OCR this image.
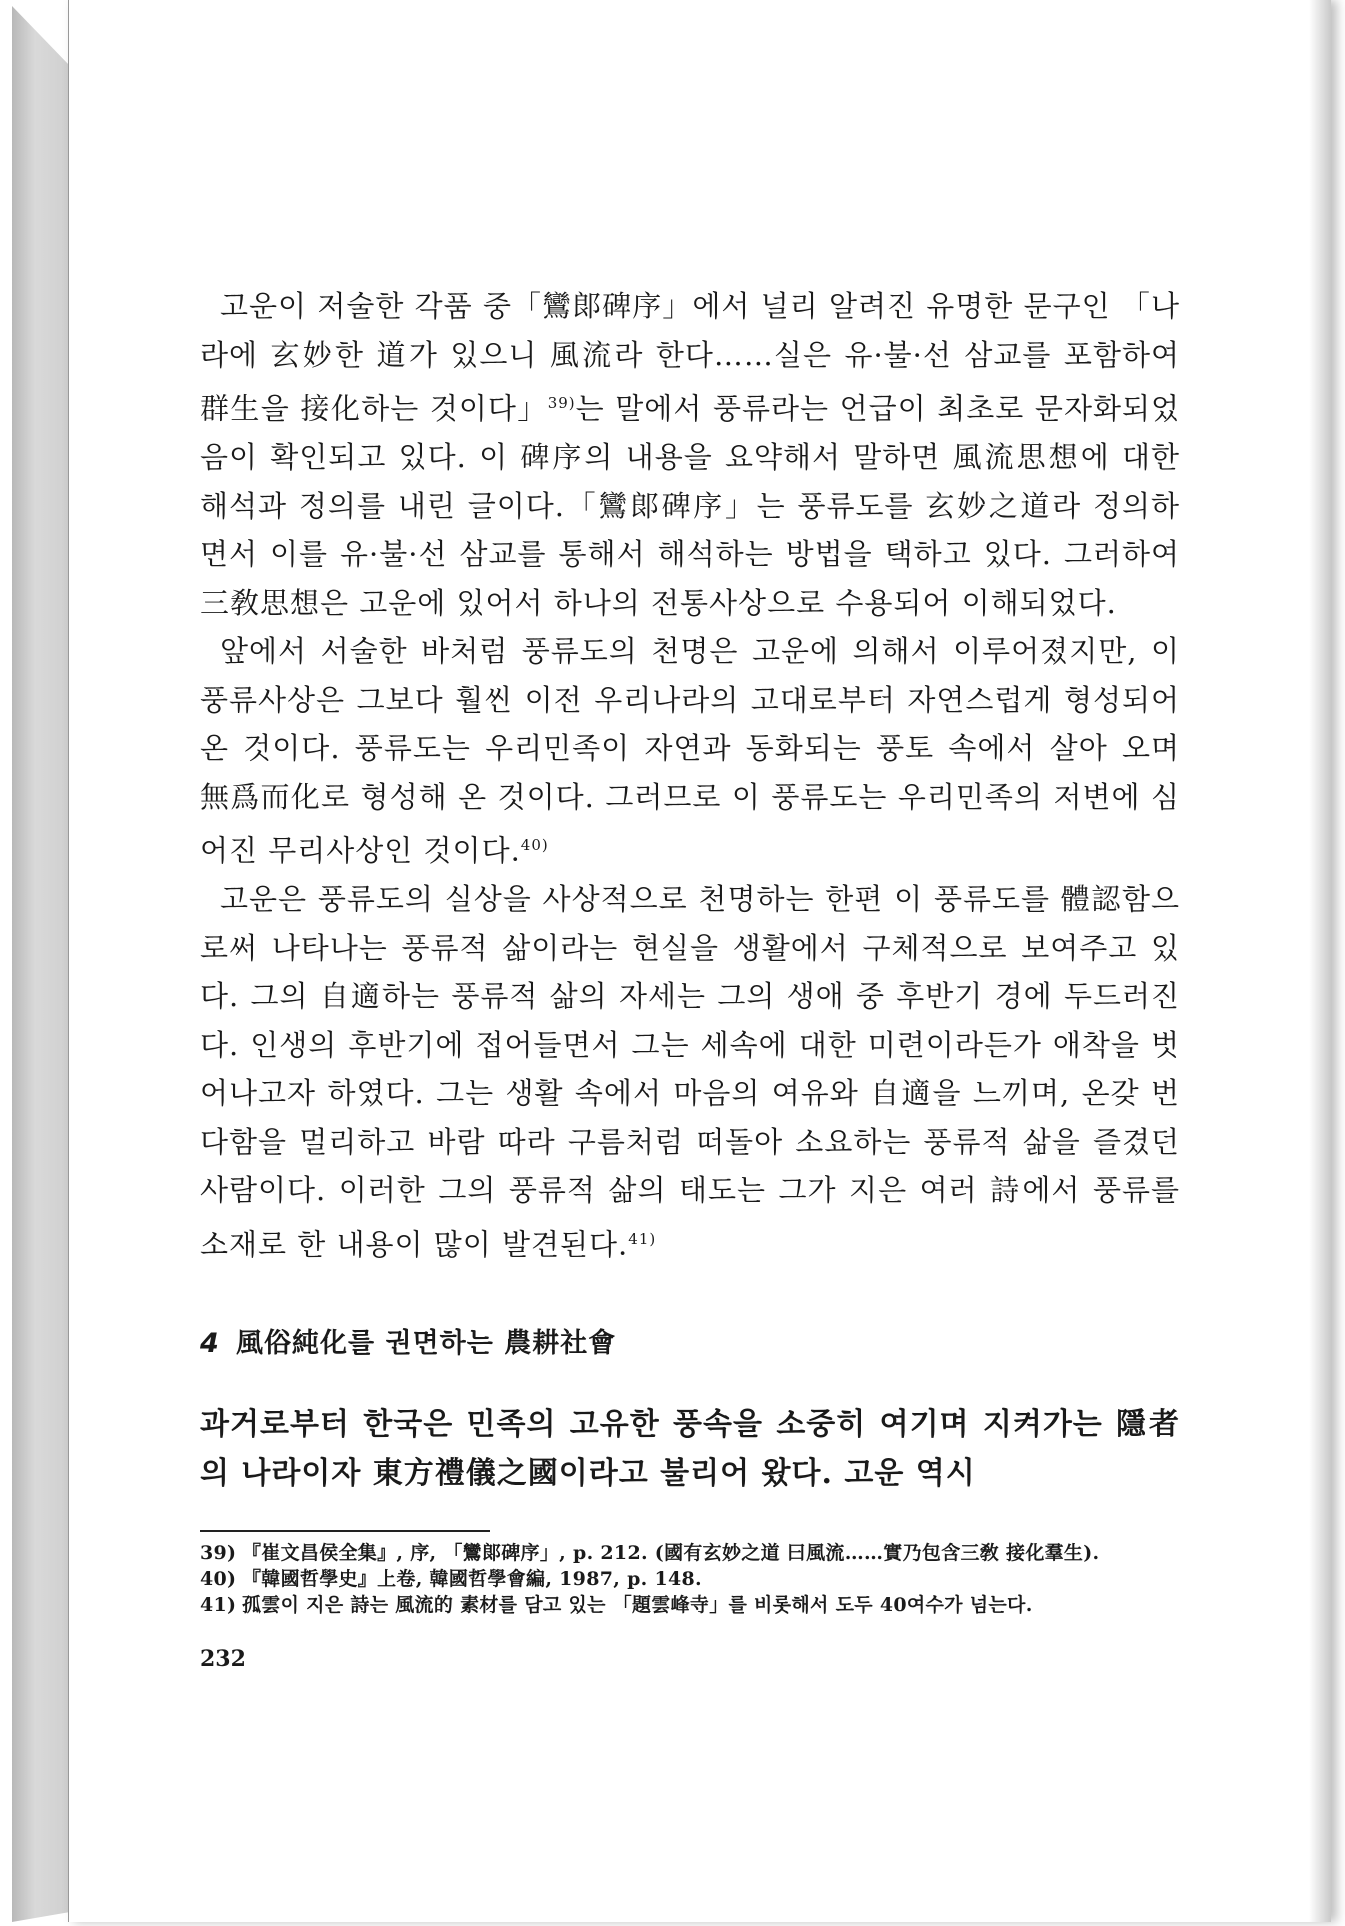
고운이 저술한 각품 중「鸞郞碑序」에서 널리 알려진 유명한 문구인 「나라에 玄妙한 道가 있으니 風流라 한다……실은 유·불·선 삼교를 포함하여 群生을 接化하는 것이다」$^{39)}$는 말에서 풍류라는 언급이 최초로 문자화되었음이 확인되고 있다. 이 碑序의 내용을 요약해서 말하면 風流思想에 대한 해석과 정의를 내린 글이다.「鸞郞碑序」는 풍류도를 玄妙之道라 정의하면서 이를 유·불·선 삼교를 통해서 해석하는 방법을 택하고 있다. 그러하여 三敎思想은 고운에 있어서 하나의 전통사상으로 수용되어 이해되었다.

앞에서 서술한 바처럼 풍류도의 천명은 고운에 의해서 이루어졌지만, 이 풍류사상은 그보다 훨씬 이전 우리나라의 고대로부터 자연스럽게 형성되어 온 것이다. 풍류도는 우리민족이 자연과 동화되는 풍토 속에서 살아 오며 無爲而化로 형성해 온 것이다. 그러므로 이 풍류도는 우리민족의 저변에 심어진 무리사상인 것이다.$^{40)}$

고운은 풍류도의 실상을 사상적으로 천명하는 한편 이 풍류도를 體認함으로써 나타나는 풍류적 삶이라는 현실을 생활에서 구체적으로 보여주고 있다. 그의 自適하는 풍류적 삶의 자세는 그의 생애 중 후반기 경에 두드러진다. 인생의 후반기에 접어들면서 그는 세속에 대한 미련이라든가 애착을 벗어나고자 하였다. 그는 생활 속에서 마음의 여유와 自適을 느끼며, 온갖 번다함을 멀리하고 바람 따라 구름처럼 떠돌아 소요하는 풍류적 삶을 즐겼던 사람이다. 이러한 그의 풍류적 삶의 태도는 그가 지은 여러 詩에서 풍류를 소재로 한 내용이 많이 발견된다.$^{41)}$

4 風俗純化를 권면하는 農耕社會

과거로부터 한국은 민족의 고유한 풍속을 소중히 여기며 지켜가는 隱者의 나라이자 東方禮儀之國이라고 불리어 왔다. 고운 역시

39) 『崔文昌侯全集』, 序, 「鸞郞碑序」, p. 212. (國有玄妙之道 曰風流……實乃包含三敎 接化羣生).
40) 『韓國哲學史』上卷, 韓國哲學會編, 1987, p. 148.
41) 孤雲이 지은 詩는 風流的 素材를 담고 있는 「題雲峰寺」를 비롯해서 도두 40여수가 넘는다.
232
